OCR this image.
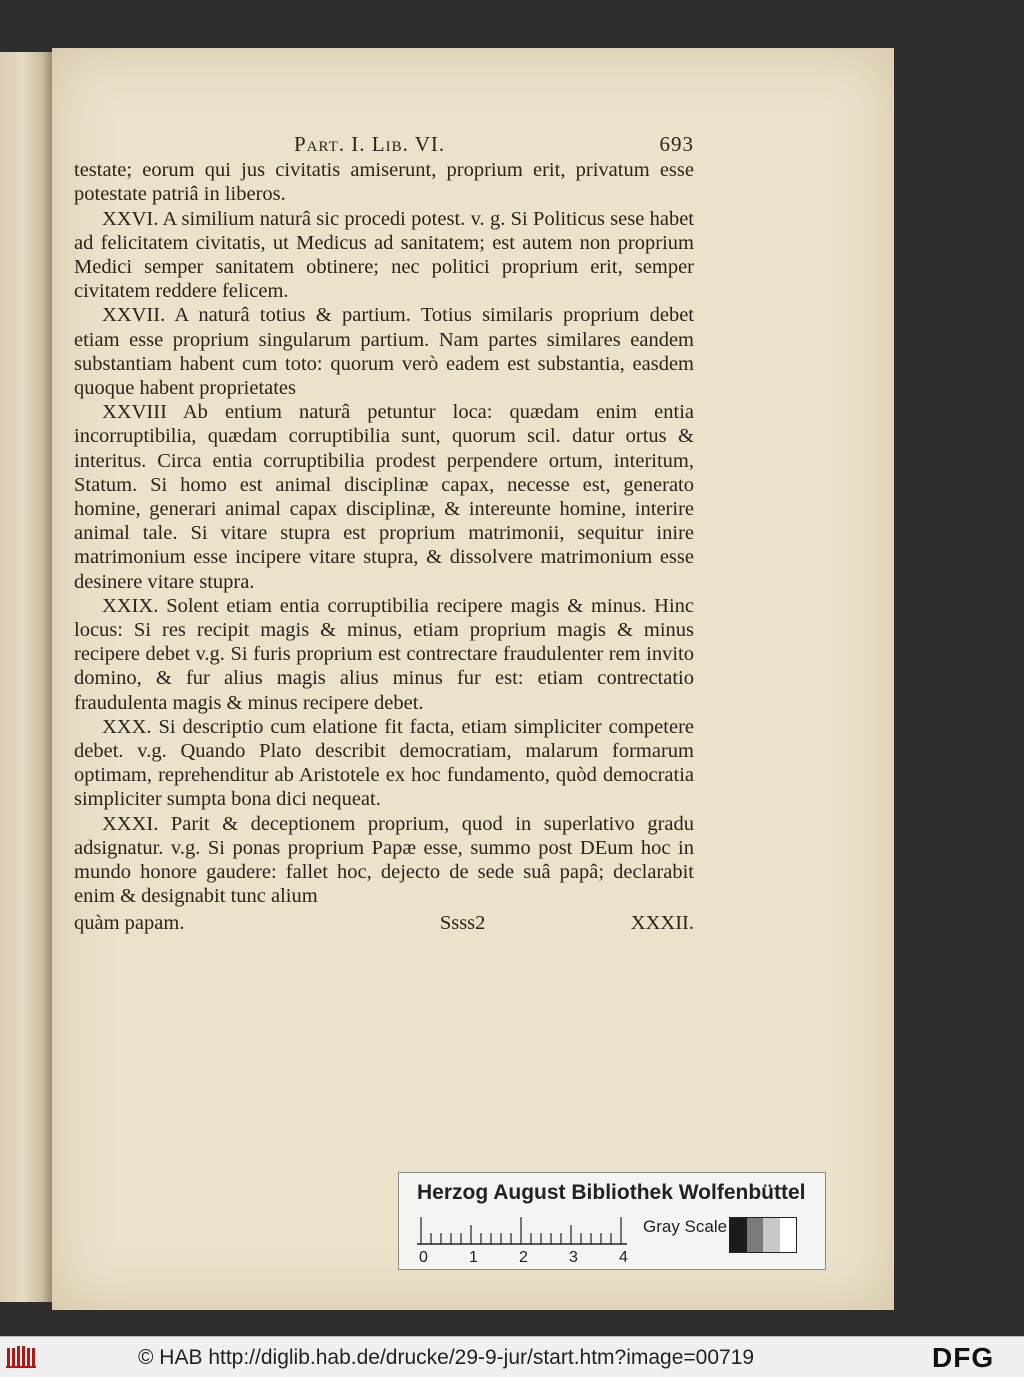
Part. I. Lib. VI.	693

testate; eorum qui jus civitatis amiserunt, proprium erit, privatum esse potestate patriâ in liberos.

XXVI. A similium naturâ sic procedi potest. v. g. Si Politicus sese habet ad felicitatem civitatis, ut Medicus ad sanitatem; est autem non proprium Medici semper sanitatem obtinere; nec politici proprium erit, semper civitatem reddere felicem.

XXVII. A naturâ totius & partium. Totius similaris proprium debet etiam esse proprium singularum partium. Nam partes similares eandem substantiam habent cum toto: quorum verò eadem est substantia, easdem quoque habent proprietates

XXVIII Ab entium naturâ petuntur loca: quædam enim entia incorruptibilia, quædam corruptibilia sunt, quorum scil. datur ortus & interitus. Circa entia corruptibilia prodest perpendere ortum, interitum, Statum. Si homo est animal disciplinæ capax, necesse est, generato homine, generari animal capax disciplinæ, & intereunte homine, interire animal tale. Si vitare stupra est proprium matrimonii, sequitur inire matrimonium esse incipere vitare stupra, & dissolvere matrimonium esse desinere vitare stupra.

XXIX. Solent etiam entia corruptibilia recipere magis & minus. Hinc locus: Si res recipit magis & minus, etiam proprium magis & minus recipere debet v.g. Si furis proprium est contrectare fraudulenter rem invito domino, & fur alius magis alius minus fur est: etiam contrectatio fraudulenta magis & minus recipere debet.

XXX. Si descriptio cum elatione fit facta, etiam simpliciter competere debet. v.g. Quando Plato describit democratiam, malarum formarum optimam, reprehenditur ab Aristotele ex hoc fundamento, quòd democratia simpliciter sumpta bona dici nequeat.

XXXI. Parit & deceptionem proprium, quod in superlativo gradu adsignatur. v.g. Si ponas proprium Papæ esse, summo post DEum hoc in mundo honore gaudere: fallet hoc, dejecto de sede suâ papâ; declarabit enim & designabit tunc alium

quàm papam.	Ssss2	XXXII.
Herzog August Bibliothek Wolfenbüttel
0	1	2	3	4
Gray Scale
© HAB http://diglib.hab.de/drucke/29-9-jur/start.htm?image=00719	DFG
